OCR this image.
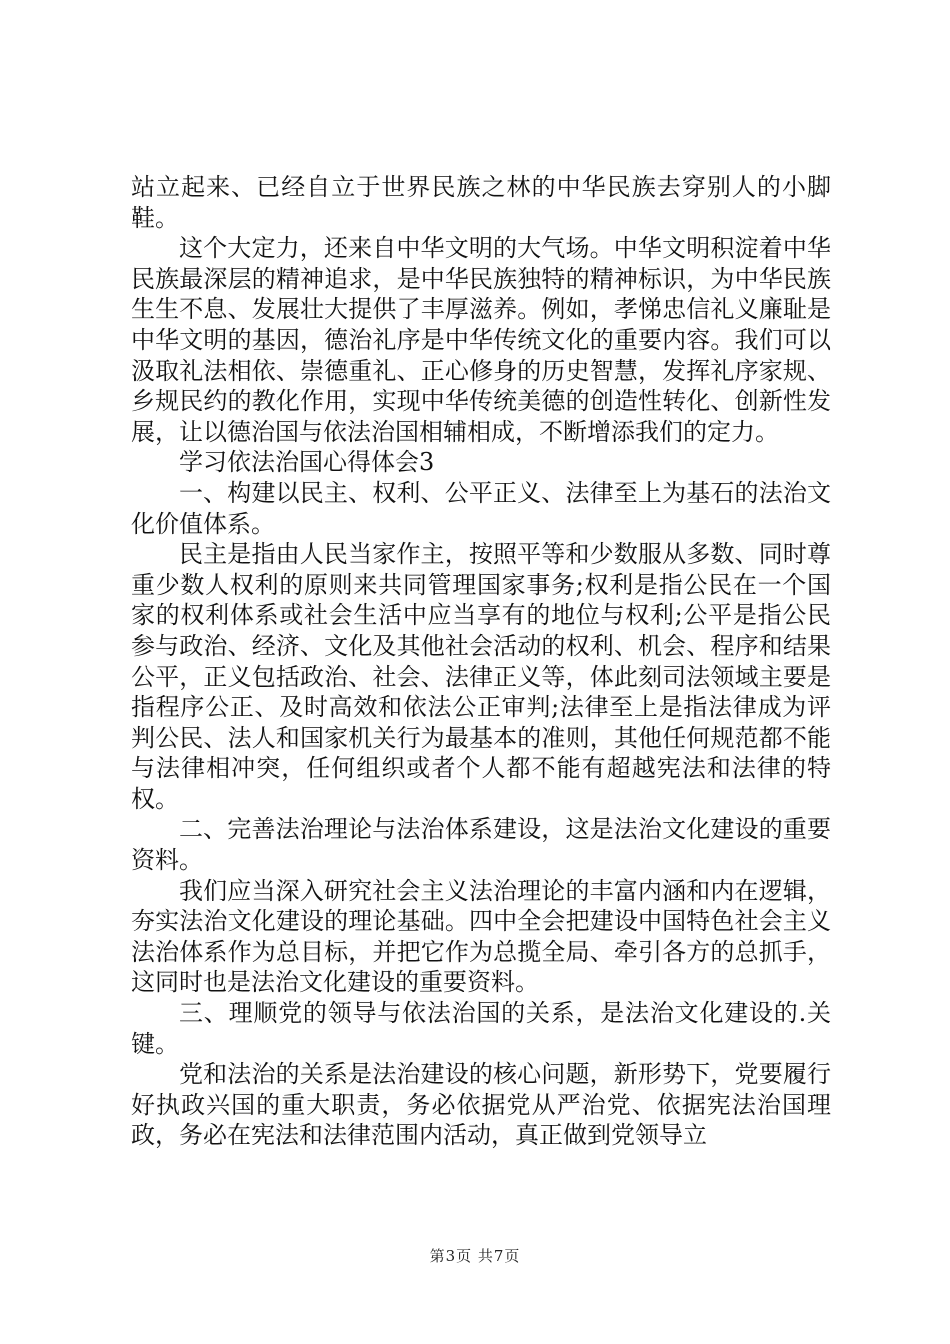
站立起来、已经自立于世界民族之林的中华民族去穿别人的小脚鞋。

这个大定力，还来自中华文明的大气场。中华文明积淀着中华民族最深层的精神追求，是中华民族独特的精神标识，为中华民族生生不息、发展壮大提供了丰厚滋养。例如，孝悌忠信礼义廉耻是中华文明的基因，德治礼序是中华传统文化的重要内容。我们可以汲取礼法相依、崇德重礼、正心修身的历史智慧，发挥礼序家规、乡规民约的教化作用，实现中华传统美德的创造性转化、创新性发展，让以德治国与依法治国相辅相成，不断增添我们的定力。

学习依法治国心得体会3

一、构建以民主、权利、公平正义、法律至上为基石的法治文化价值体系。

民主是指由人民当家作主，按照平等和少数服从多数、同时尊重少数人权利的原则来共同管理国家事务;权利是指公民在一个国家的权利体系或社会生活中应当享有的地位与权利;公平是指公民参与政治、经济、文化及其他社会活动的权利、机会、程序和结果公平，正义包括政治、社会、法律正义等，体此刻司法领域主要是指程序公正、及时高效和依法公正审判;法律至上是指法律成为评判公民、法人和国家机关行为最基本的准则，其他任何规范都不能与法律相冲突，任何组织或者个人都不能有超越宪法和法律的特权。

二、完善法治理论与法治体系建设，这是法治文化建设的重要资料。

我们应当深入研究社会主义法治理论的丰富内涵和内在逻辑，夯实法治文化建设的理论基础。四中全会把建设中国特色社会主义法治体系作为总目标，并把它作为总揽全局、牵引各方的总抓手，这同时也是法治文化建设的重要资料。

三、理顺党的领导与依法治国的关系，是法治文化建设的.关键。

党和法治的关系是法治建设的核心问题，新形势下，党要履行好执政兴国的重大职责，务必依据党从严治党、依据宪法治国理政，务必在宪法和法律范围内活动，真正做到党领导立

第3页 共7页
